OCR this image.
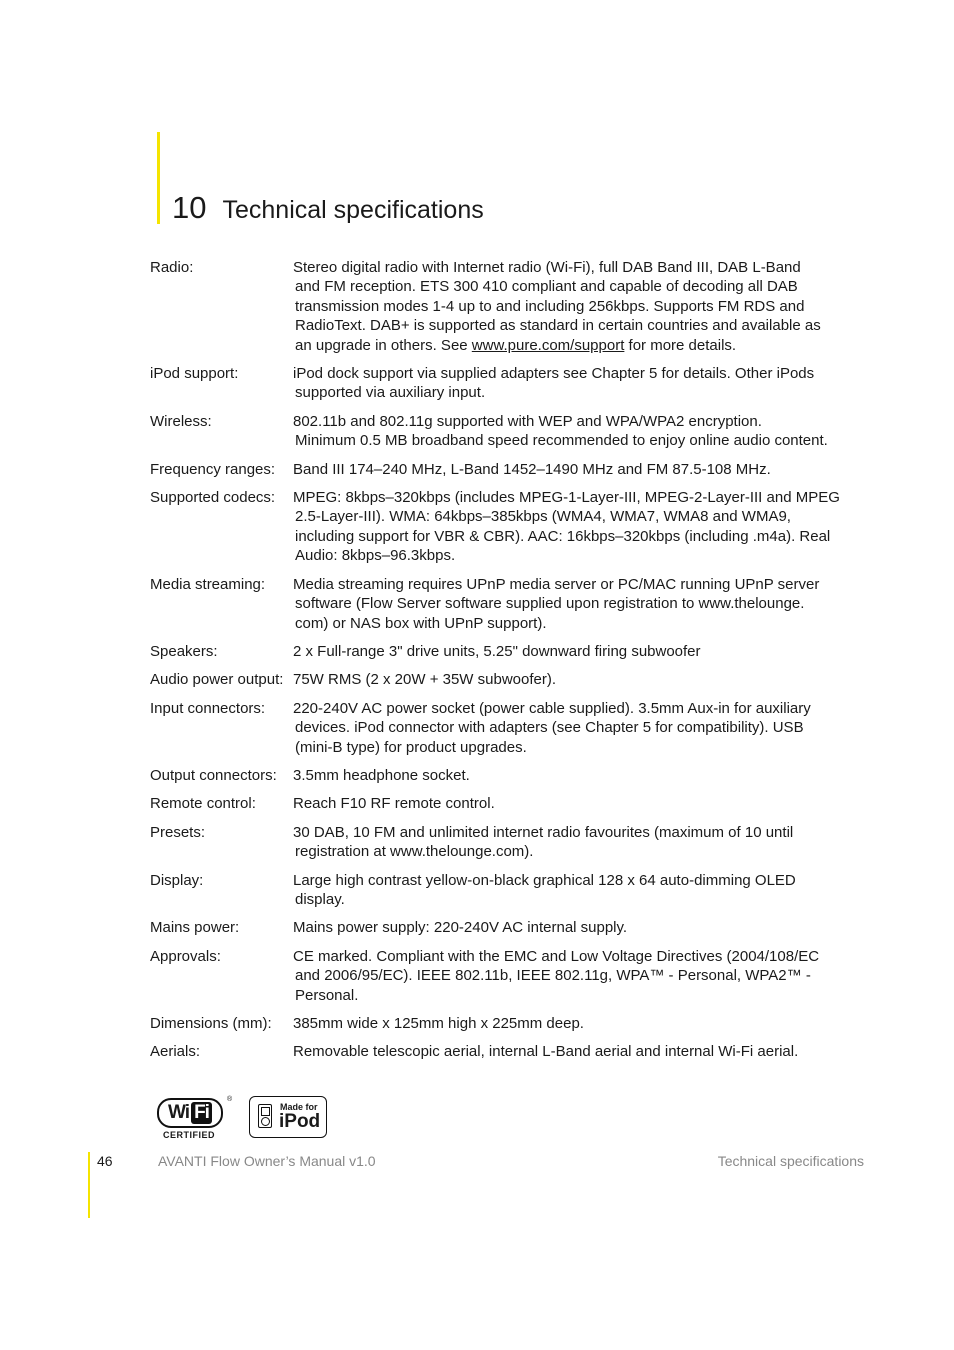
10 Technical specifications
Radio:	Stereo digital radio with Internet radio (Wi-Fi), full DAB Band III, DAB L-Band
and FM reception. ETS 300 410 compliant and capable of decoding all DAB
transmission modes 1-4 up to and including 256kbps. Supports FM RDS and
RadioText. DAB+ is supported as standard in certain countries and available as
an upgrade in others. See www.pure.com/support for more details.
iPod support:	iPod dock support via supplied adapters see Chapter 5 for details. Other iPods
supported via auxiliary input.
Wireless:	802.11b and 802.11g supported with WEP and WPA/WPA2 encryption.
Minimum 0.5 MB broadband speed recommended to enjoy online audio content.
Frequency ranges:	Band III 174–240 MHz, L-Band 1452–1490 MHz and FM 87.5-108 MHz.
Supported codecs:	MPEG: 8kbps–320kbps (includes MPEG-1-Layer-III, MPEG-2-Layer-III and MPEG
2.5-Layer-III). WMA: 64kbps–385kbps (WMA4, WMA7, WMA8 and WMA9,
including support for VBR & CBR). AAC: 16kbps–320kbps (including .m4a). Real
Audio: 8kbps–96.3kbps.
Media streaming:	Media streaming requires UPnP media server or PC/MAC running UPnP server
software (Flow Server software supplied upon registration to www.thelounge.
com) or NAS box with UPnP support).
Speakers:	2 x Full-range 3" drive units, 5.25" downward firing subwoofer
Audio power output: 75W RMS (2 x 20W + 35W subwoofer).
Input connectors:	220-240V AC power socket (power cable supplied). 3.5mm Aux-in for auxiliary
devices. iPod connector with adapters (see Chapter 5 for compatibility). USB
(mini-B type) for product upgrades.
Output connectors:	3.5mm headphone socket.
Remote control:	Reach F10 RF remote control.
Presets:	30 DAB, 10 FM and unlimited internet radio favourites (maximum of 10 until
registration at www.thelounge.com).
Display:	Large high contrast yellow-on-black graphical 128 x 64 auto-dimming OLED
display.
Mains power:	Mains power supply: 220-240V AC internal supply.
Approvals:	CE marked. Compliant with the EMC and Low Voltage Directives (2004/108/EC
and 2006/95/EC). IEEE 802.11b, IEEE 802.11g, WPA™ - Personal, WPA2™ -
Personal.
Dimensions (mm):	385mm wide x 125mm high x 225mm deep.
Aerials:	Removable telescopic aerial, internal L-Band aerial and internal Wi-Fi aerial.
Wi Fi
®
CERTIFIED
Made for
iPod
46	AVANTI Flow Owner’s Manual v1.0	Technical specifications
